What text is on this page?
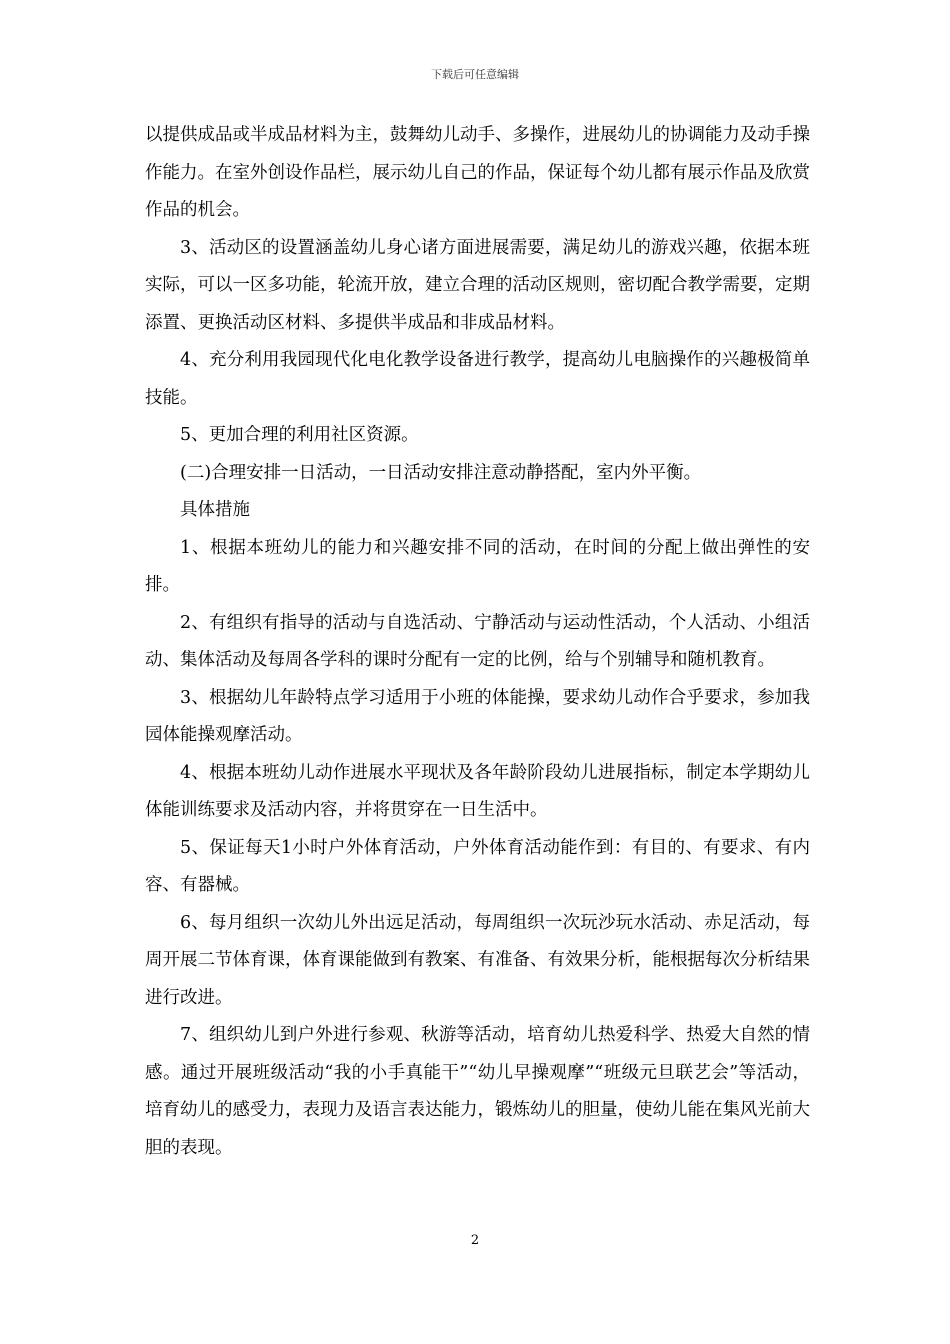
下载后可任意编辑

以提供成品或半成品材料为主，鼓舞幼儿动手、多操作，进展幼儿的协调能力及动手操作能力。在室外创设作品栏，展示幼儿自己的作品，保证每个幼儿都有展示作品及欣赏作品的机会。

3、活动区的设置涵盖幼儿身心诸方面进展需要，满足幼儿的游戏兴趣，依据本班实际，可以一区多功能，轮流开放，建立合理的活动区规则，密切配合教学需要，定期添置、更换活动区材料、多提供半成品和非成品材料。

4、充分利用我园现代化电化教学设备进行教学，提高幼儿电脑操作的兴趣极简单技能。

5、更加合理的利用社区资源。

(二)合理安排一日活动，一日活动安排注意动静搭配，室内外平衡。

具体措施

1、根据本班幼儿的能力和兴趣安排不同的活动，在时间的分配上做出弹性的安排。

2、有组织有指导的活动与自选活动、宁静活动与运动性活动，个人活动、小组活动、集体活动及每周各学科的课时分配有一定的比例，给与个别辅导和随机教育。

3、根据幼儿年龄特点学习适用于小班的体能操，要求幼儿动作合乎要求，参加我园体能操观摩活动。

4、根据本班幼儿动作进展水平现状及各年龄阶段幼儿进展指标，制定本学期幼儿体能训练要求及活动内容，并将贯穿在一日生活中。

5、保证每天1小时户外体育活动，户外体育活动能作到：有目的、有要求、有内容、有器械。

6、每月组织一次幼儿外出远足活动，每周组织一次玩沙玩水活动、赤足活动，每周开展二节体育课，体育课能做到有教案、有准备、有效果分析，能根据每次分析结果进行改进。

7、组织幼儿到户外进行参观、秋游等活动，培育幼儿热爱科学、热爱大自然的情感。通过开展班级活动“我的小手真能干”“幼儿早操观摩”“班级元旦联艺会”等活动，培育幼儿的感受力，表现力及语言表达能力，锻炼幼儿的胆量，使幼儿能在集风光前大胆的表现。

2
